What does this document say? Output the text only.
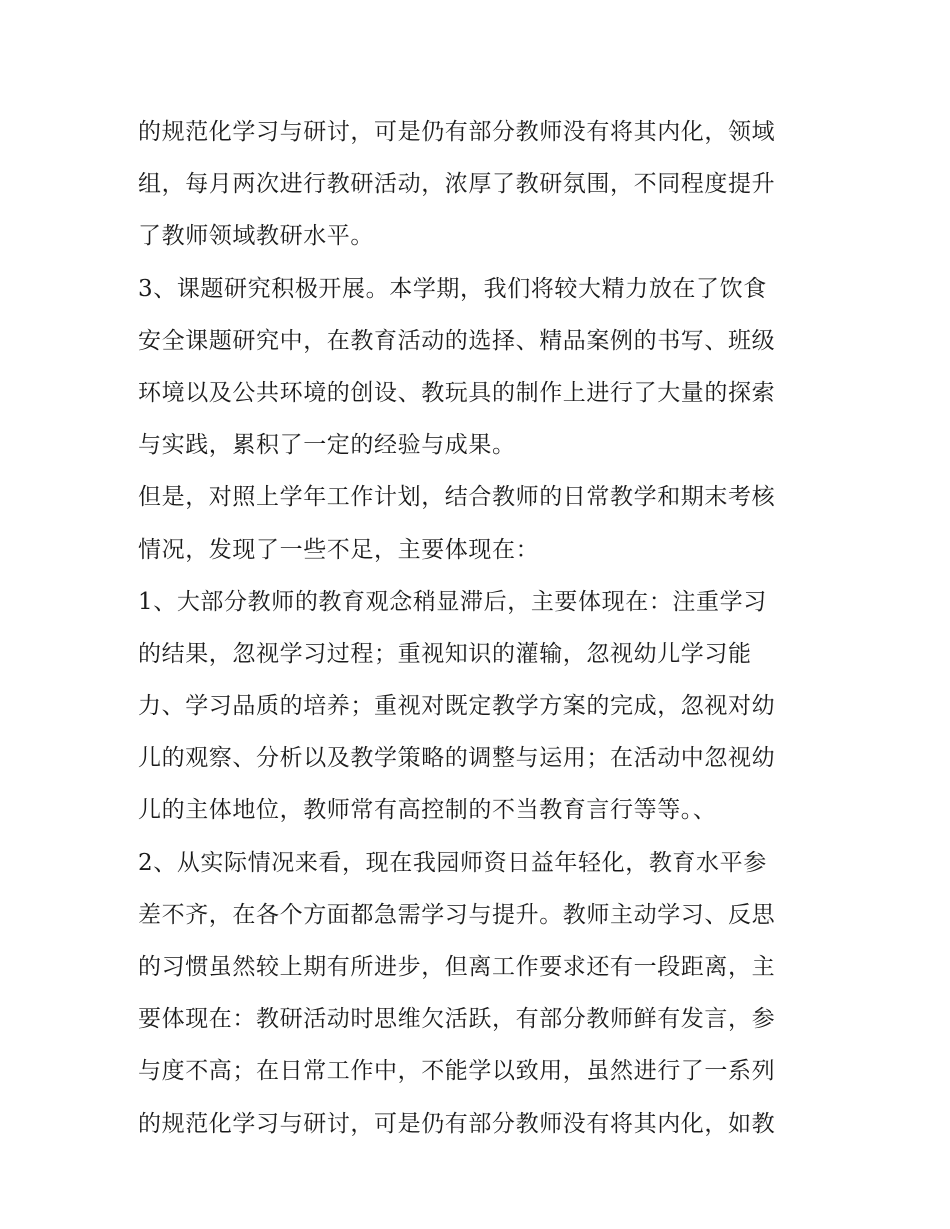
的规范化学习与研讨，可是仍有部分教师没有将其内化，领域
组，每月两次进行教研活动，浓厚了教研氛围，不同程度提升
了教师领域教研水平。
3、课题研究积极开展。本学期，我们将较大精力放在了饮食
安全课题研究中，在教育活动的选择、精品案例的书写、班级
环境以及公共环境的创设、教玩具的制作上进行了大量的探索
与实践，累积了一定的经验与成果。
但是，对照上学年工作计划，结合教师的日常教学和期末考核
情况，发现了一些不足，主要体现在：
1、大部分教师的教育观念稍显滞后，主要体现在：注重学习
的结果，忽视学习过程；重视知识的灌输，忽视幼儿学习能
力、学习品质的培养；重视对既定教学方案的完成，忽视对幼
儿的观察、分析以及教学策略的调整与运用；在活动中忽视幼
儿的主体地位，教师常有高控制的不当教育言行等等。、
2、从实际情况来看，现在我园师资日益年轻化，教育水平参
差不齐，在各个方面都急需学习与提升。教师主动学习、反思
的习惯虽然较上期有所进步，但离工作要求还有一段距离，主
要体现在：教研活动时思维欠活跃，有部分教师鲜有发言，参
与度不高；在日常工作中，不能学以致用，虽然进行了一系列
的规范化学习与研讨，可是仍有部分教师没有将其内化，如教
